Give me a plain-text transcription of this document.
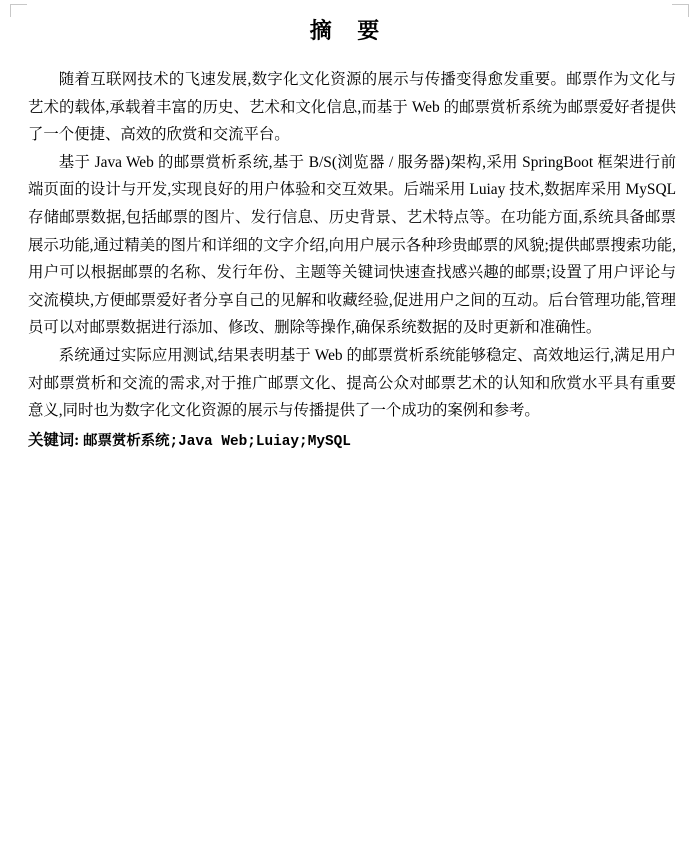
摘 要

随着互联网技术的飞速发展,数字化文化资源的展示与传播变得愈发重要。邮票作为文化与艺术的载体,承载着丰富的历史、艺术和文化信息,而基于 Web 的邮票赏析系统为邮票爱好者提供了一个便捷、高效的欣赏和交流平台。

基于 Java Web 的邮票赏析系统,基于 B/S(浏览器 / 服务器)架构,采用 SpringBoot 框架进行前端页面的设计与开发,实现良好的用户体验和交互效果。后端采用 Luiay 技术,数据库采用 MySQL 存储邮票数据,包括邮票的图片、发行信息、历史背景、艺术特点等。在功能方面,系统具备邮票展示功能,通过精美的图片和详细的文字介绍,向用户展示各种珍贵邮票的风貌;提供邮票搜索功能,用户可以根据邮票的名称、发行年份、主题等关键词快速查找感兴趣的邮票;设置了用户评论与交流模块,方便邮票爱好者分享自己的见解和收藏经验,促进用户之间的互动。后台管理功能,管理员可以对邮票数据进行添加、修改、删除等操作,确保系统数据的及时更新和准确性。

系统通过实际应用测试,结果表明基于 Web 的邮票赏析系统能够稳定、高效地运行,满足用户对邮票赏析和交流的需求,对于推广邮票文化、提高公众对邮票艺术的认知和欣赏水平具有重要意义,同时也为数字化文化资源的展示与传播提供了一个成功的案例和参考。

关键词: 邮票赏析系统;Java Web;Luiay;MySQL
